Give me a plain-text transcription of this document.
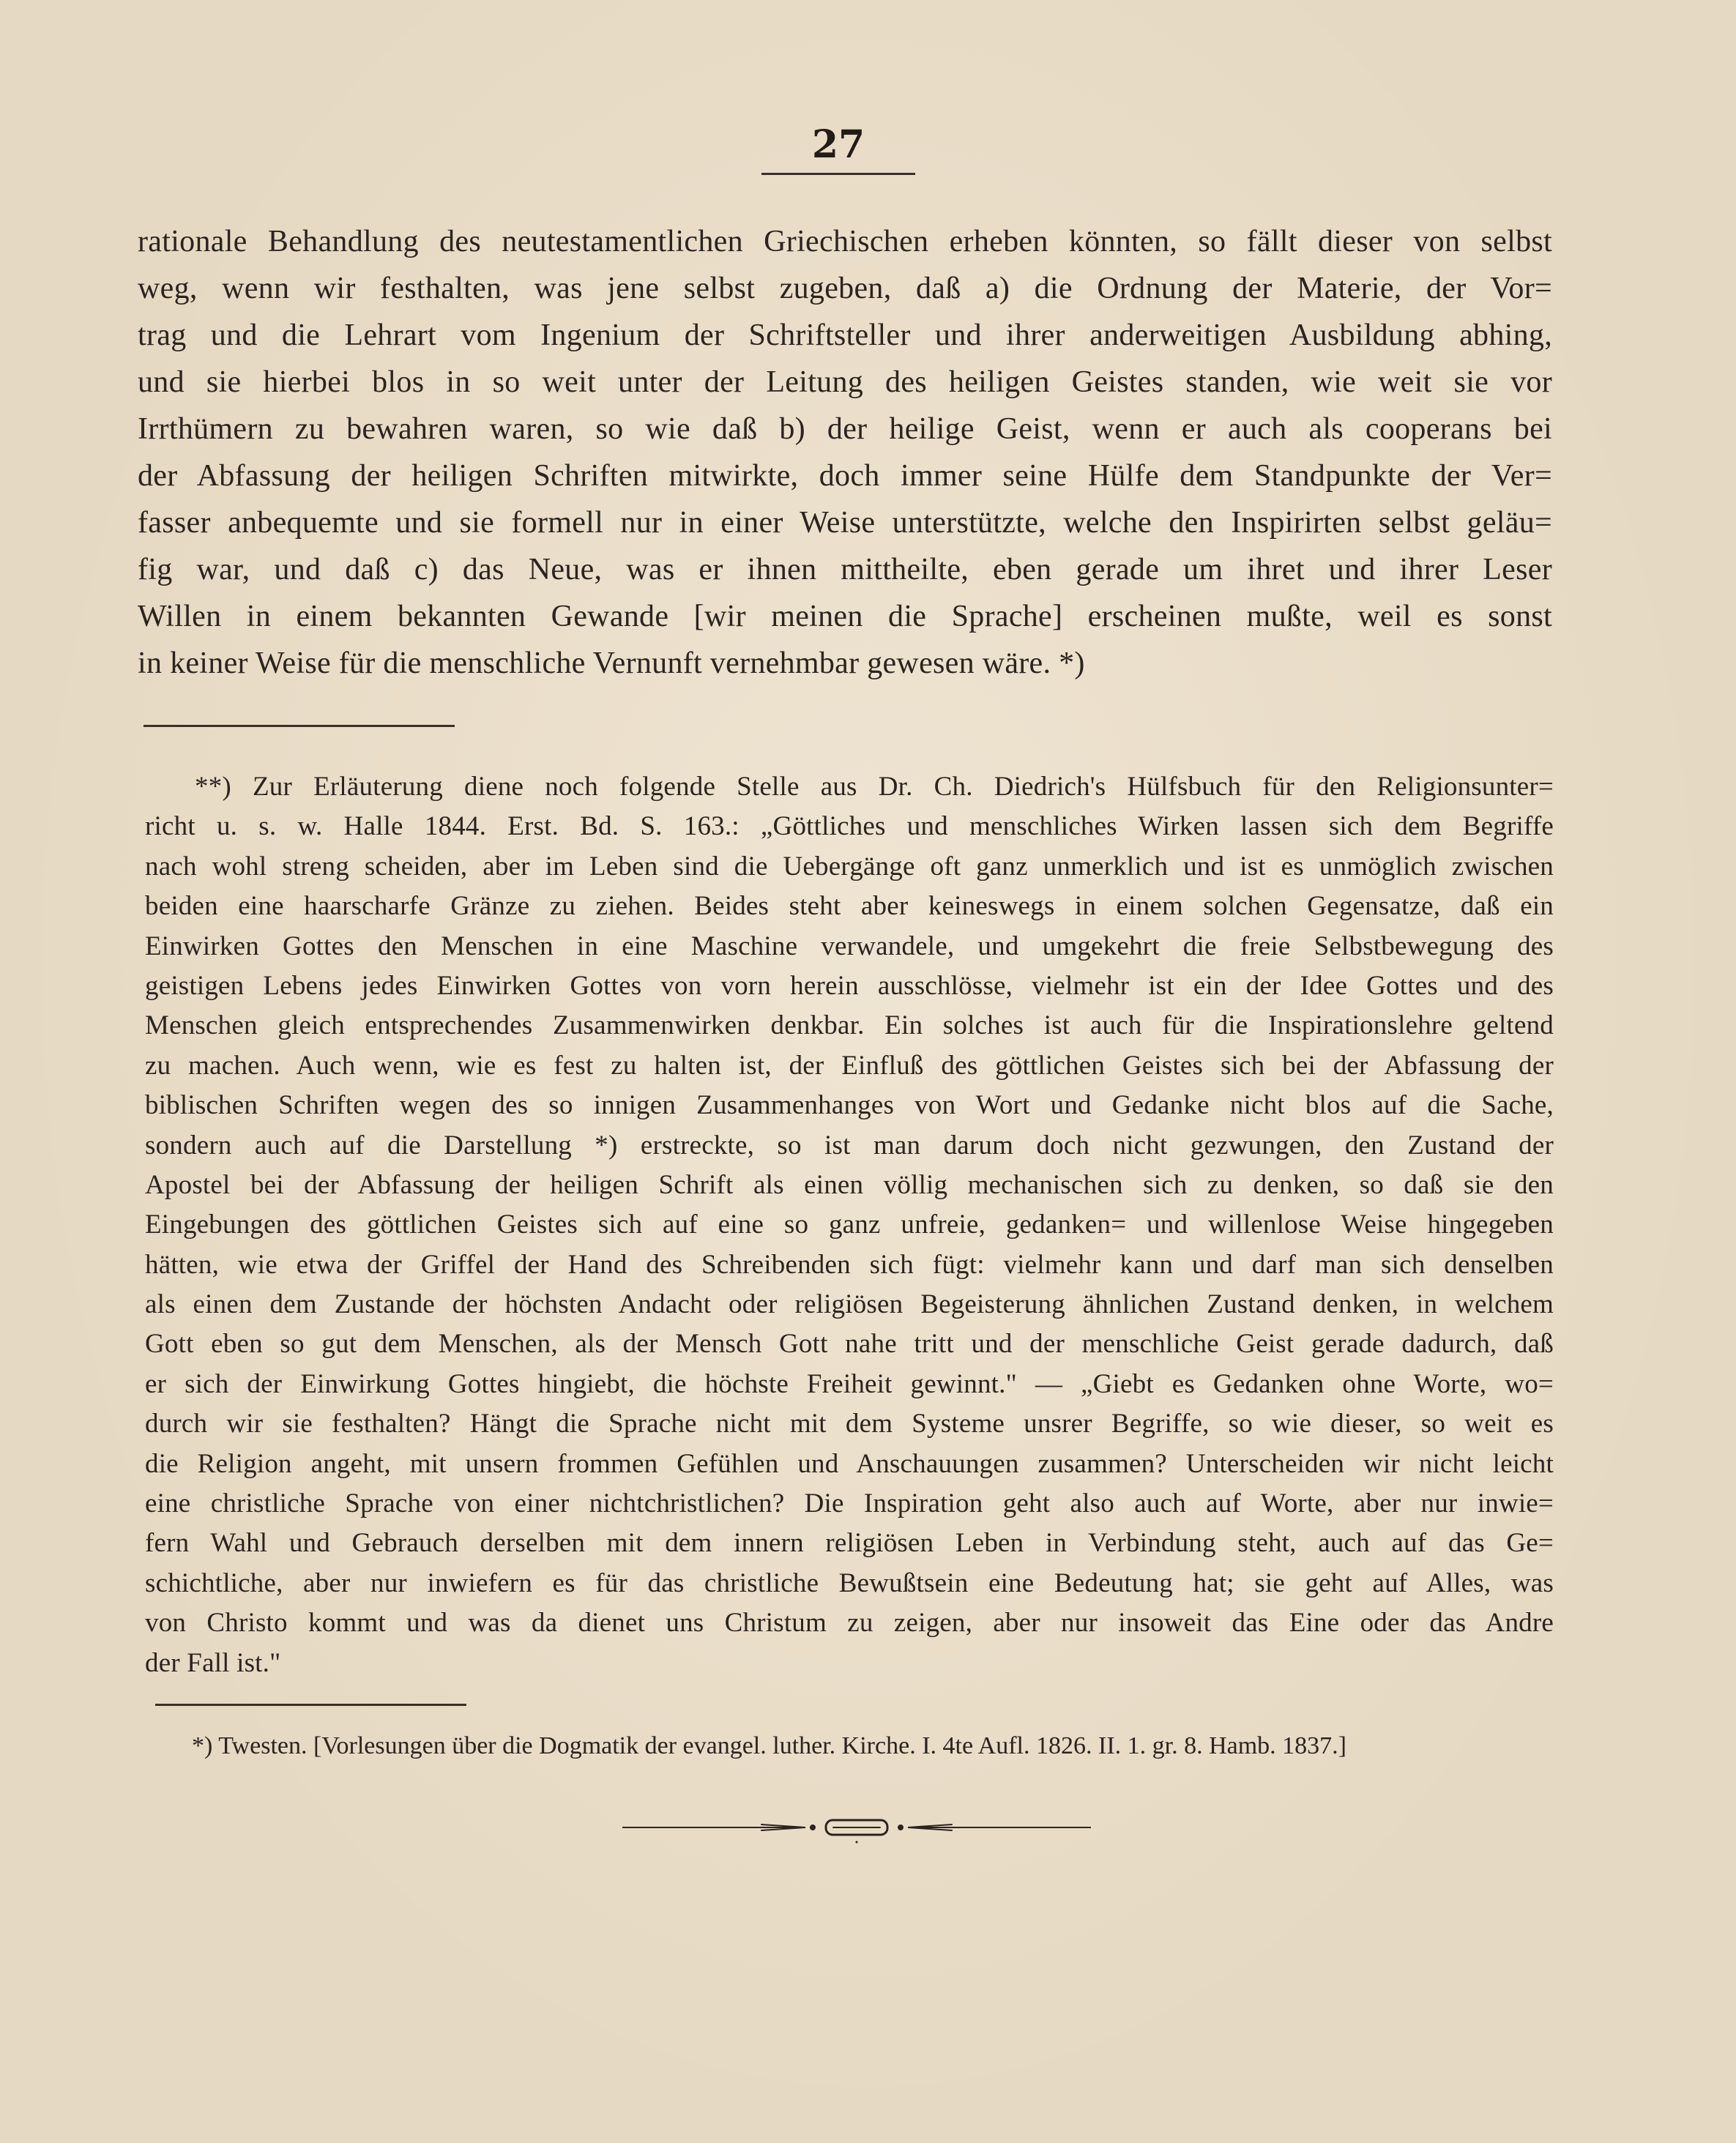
27
rationale Behandlung des neutestamentlichen Griechischen erheben könnten, so fällt dieser von selbst
weg, wenn wir festhalten, was jene selbst zugeben, daß a) die Ordnung der Materie, der Vor=
trag und die Lehrart vom Ingenium der Schriftsteller und ihrer anderweitigen Ausbildung abhing,
und sie hierbei blos in so weit unter der Leitung des heiligen Geistes standen, wie weit sie vor
Irrthümern zu bewahren waren, so wie daß b) der heilige Geist, wenn er auch als cooperans bei
der Abfassung der heiligen Schriften mitwirkte, doch immer seine Hülfe dem Standpunkte der Ver=
fasser anbequemte und sie formell nur in einer Weise unterstützte, welche den Inspirirten selbst geläu=
fig war, und daß c) das Neue, was er ihnen mittheilte, eben gerade um ihret und ihrer Leser
Willen in einem bekannten Gewande [wir meinen die Sprache] erscheinen mußte, weil es sonst
in keiner Weise für die menschliche Vernunft vernehmbar gewesen wäre. *)
**) Zur Erläuterung diene noch folgende Stelle aus Dr. Ch. Diedrich's Hülfsbuch für den Religionsunter=
richt u. s. w. Halle 1844. Erst. Bd. S. 163.: „Göttliches und menschliches Wirken lassen sich dem Begriffe
nach wohl streng scheiden, aber im Leben sind die Uebergänge oft ganz unmerklich und ist es unmöglich zwischen
beiden eine haarscharfe Gränze zu ziehen. Beides steht aber keineswegs in einem solchen Gegensatze, daß ein
Einwirken Gottes den Menschen in eine Maschine verwandele, und umgekehrt die freie Selbstbewegung des
geistigen Lebens jedes Einwirken Gottes von vorn herein ausschlösse, vielmehr ist ein der Idee Gottes und des
Menschen gleich entsprechendes Zusammenwirken denkbar. Ein solches ist auch für die Inspirationslehre geltend
zu machen. Auch wenn, wie es fest zu halten ist, der Einfluß des göttlichen Geistes sich bei der Abfassung der
biblischen Schriften wegen des so innigen Zusammenhanges von Wort und Gedanke nicht blos auf die Sache,
sondern auch auf die Darstellung *) erstreckte, so ist man darum doch nicht gezwungen, den Zustand der
Apostel bei der Abfassung der heiligen Schrift als einen völlig mechanischen sich zu denken, so daß sie den
Eingebungen des göttlichen Geistes sich auf eine so ganz unfreie, gedanken= und willenlose Weise hingegeben
hätten, wie etwa der Griffel der Hand des Schreibenden sich fügt: vielmehr kann und darf man sich denselben
als einen dem Zustande der höchsten Andacht oder religiösen Begeisterung ähnlichen Zustand denken, in welchem
Gott eben so gut dem Menschen, als der Mensch Gott nahe tritt und der menschliche Geist gerade dadurch, daß
er sich der Einwirkung Gottes hingiebt, die höchste Freiheit gewinnt." — „Giebt es Gedanken ohne Worte, wo=
durch wir sie festhalten? Hängt die Sprache nicht mit dem Systeme unsrer Begriffe, so wie dieser, so weit es
die Religion angeht, mit unsern frommen Gefühlen und Anschauungen zusammen? Unterscheiden wir nicht leicht
eine christliche Sprache von einer nichtchristlichen? Die Inspiration geht also auch auf Worte, aber nur inwie=
fern Wahl und Gebrauch derselben mit dem innern religiösen Leben in Verbindung steht, auch auf das Ge=
schichtliche, aber nur inwiefern es für das christliche Bewußtsein eine Bedeutung hat; sie geht auf Alles, was
von Christo kommt und was da dienet uns Christum zu zeigen, aber nur insoweit das Eine oder das Andre
der Fall ist."
*) Twesten. [Vorlesungen über die Dogmatik der evangel. luther. Kirche. I. 4te Aufl. 1826. II. 1. gr. 8. Hamb. 1837.]
